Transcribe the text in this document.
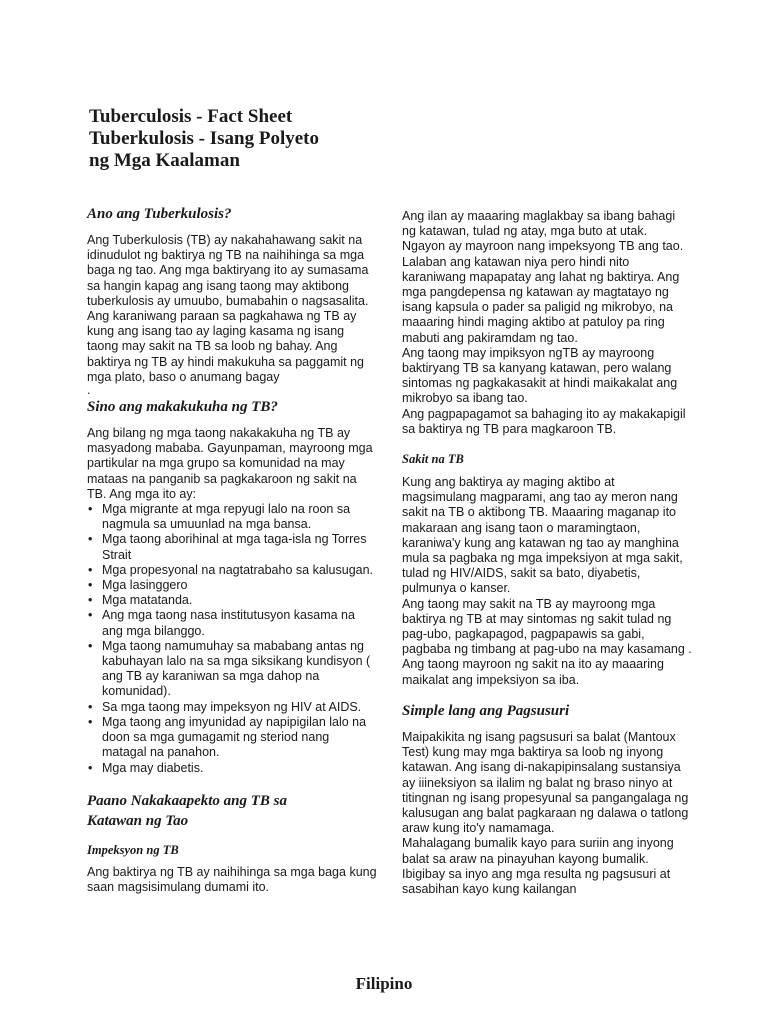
Tuberculosis - Fact Sheet
Tuberkulosis - Isang Polyeto
ng Mga Kaalaman
Ano ang Tuberkulosis?

Ang Tuberkulosis (TB) ay nakahahawang sakit na idinudulot ng baktirya ng TB na naihihinga sa mga baga ng tao. Ang mga baktiryang ito ay sumasama sa hangin kapag ang isang taong may aktibong tuberkulosis ay umuubo, bumabahin o nagsasalita.

Ang karaniwang paraan sa pagkahawa ng TB ay kung ang isang tao ay laging kasama ng isang taong may sakit na TB sa loob ng bahay. Ang baktirya ng TB ay hindi makukuha sa paggamit ng mga plato, baso o anumang bagay

.

Sino ang makakukuha ng TB?

Ang bilang ng mga taong nakakakuha ng TB ay masyadong mababa. Gayunpaman, mayroong mga partikular na mga grupo sa komunidad na may mataas na panganib sa pagkakaroon ng sakit na TB. Ang mga ito ay:

• Mga migrante at mga repyugi lalo na roon sa nagmula sa umuunlad na mga bansa.
• Mga taong aborihinal at mga taga-isla ng Torres Strait
• Mga propesyonal na nagtatrabaho sa kalusugan.
• Mga lasinggero
• Mga matatanda.
• Ang mga taong nasa institutusyon kasama na ang mga bilanggo.
• Mga taong namumuhay sa mababang antas ng kabuhayan lalo na sa mga siksikang kundisyon ( ang TB ay karaniwan sa mga dahop na komunidad).
• Sa mga taong may impeksyon ng HIV at AIDS.
• Mga taong ang imyunidad ay napipigilan lalo na doon sa mga gumagamit ng steriod nang matagal na panahon.
• Mga may diabetis.
Paano Nakakaapekto ang TB sa
Katawan ng Tao
Impeksyon ng TB

Ang baktirya ng TB ay naihihinga sa mga baga kung saan magsisimulang dumami ito.

Ang ilan ay maaaring maglakbay sa ibang bahagi ng katawan, tulad ng atay, mga buto at utak. Ngayon ay mayroon nang impeksyong TB ang tao. Lalaban ang katawan niya pero hindi nito karaniwang mapapatay ang lahat ng baktirya. Ang mga pangdepensa ng katawan ay magtatayo ng isang kapsula o pader sa paligid ng mikrobyo, na maaaring hindi maging aktibo at patuloy pa ring mabuti ang pakiramdam ng tao.

Ang taong may impiksyon ngTB ay mayroong baktiryang TB sa kanyang katawan, pero walang sintomas ng pagkakasakit at hindi maikakalat ang mikrobyo sa ibang tao.

Ang pagpapagamot sa bahaging ito ay makakapigil sa baktirya ng TB para magkaroon TB.

Sakit na TB

Kung ang baktirya ay maging aktibo at magsimulang magparami, ang tao ay meron nang sakit na TB o aktibong TB. Maaaring maganap ito makaraan ang isang taon o maramingtaon, karaniwa'y kung ang katawan ng tao ay manghina mula sa pagbaka ng mga impeksiyon at mga sakit, tulad ng HIV/AIDS, sakit sa bato, diyabetis, pulmunya o kanser.

Ang taong may sakit na TB ay mayroong mga baktirya ng TB at may sintomas ng sakit tulad ng pag-ubo, pagkapagod, pagpapawis sa gabi, pagbaba ng timbang at pag-ubo na may kasamang . Ang taong mayroon ng sakit na ito ay maaaring maikalat ang impeksiyon sa iba.

Simple lang ang Pagsusuri

Maipakikita ng isang pagsusuri sa balat (Mantoux Test) kung may mga baktirya sa loob ng inyong katawan. Ang isang di-nakapipinsalang sustansiya ay iiineksiyon sa ilalim ng balat ng braso ninyo at titingnan ng isang propesyunal sa pangangalaga ng kalusugan ang balat pagkaraan ng dalawa o tatlong araw kung ito'y namamaga.

Mahalagang bumalik kayo para suriin ang inyong balat sa araw na pinayuhan kayong bumalik. Ibigibay sa inyo ang mga resulta ng pagsusuri at sasabihan kayo kung kailangan

Filipino
